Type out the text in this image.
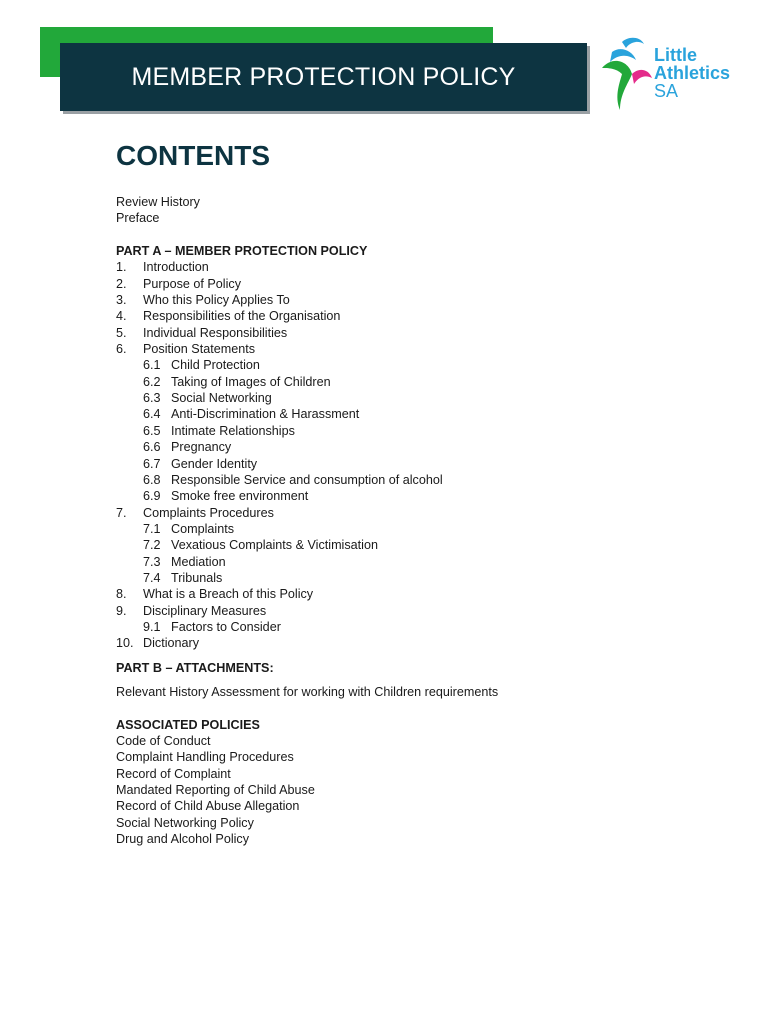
MEMBER PROTECTION POLICY
Little
Athletics
SA
CONTENTS
Review History
Preface
PART A – MEMBER PROTECTION POLICY
1. Introduction
2. Purpose of Policy
3. Who this Policy Applies To
4. Responsibilities of the Organisation
5. Individual Responsibilities
6. Position Statements
6.1 Child Protection
6.2 Taking of Images of Children
6.3 Social Networking
6.4 Anti-Discrimination & Harassment
6.5 Intimate Relationships
6.6 Pregnancy
6.7 Gender Identity
6.8 Responsible Service and consumption of alcohol
6.9 Smoke free environment
7. Complaints Procedures
7.1 Complaints
7.2 Vexatious Complaints & Victimisation
7.3 Mediation
7.4 Tribunals
8. What is a Breach of this Policy
9. Disciplinary Measures
9.1 Factors to Consider
10. Dictionary
PART B – ATTACHMENTS:
Relevant History Assessment for working with Children requirements
ASSOCIATED POLICIES
Code of Conduct
Complaint Handling Procedures
Record of Complaint
Mandated Reporting of Child Abuse
Record of Child Abuse Allegation
Social Networking Policy
Drug and Alcohol Policy
